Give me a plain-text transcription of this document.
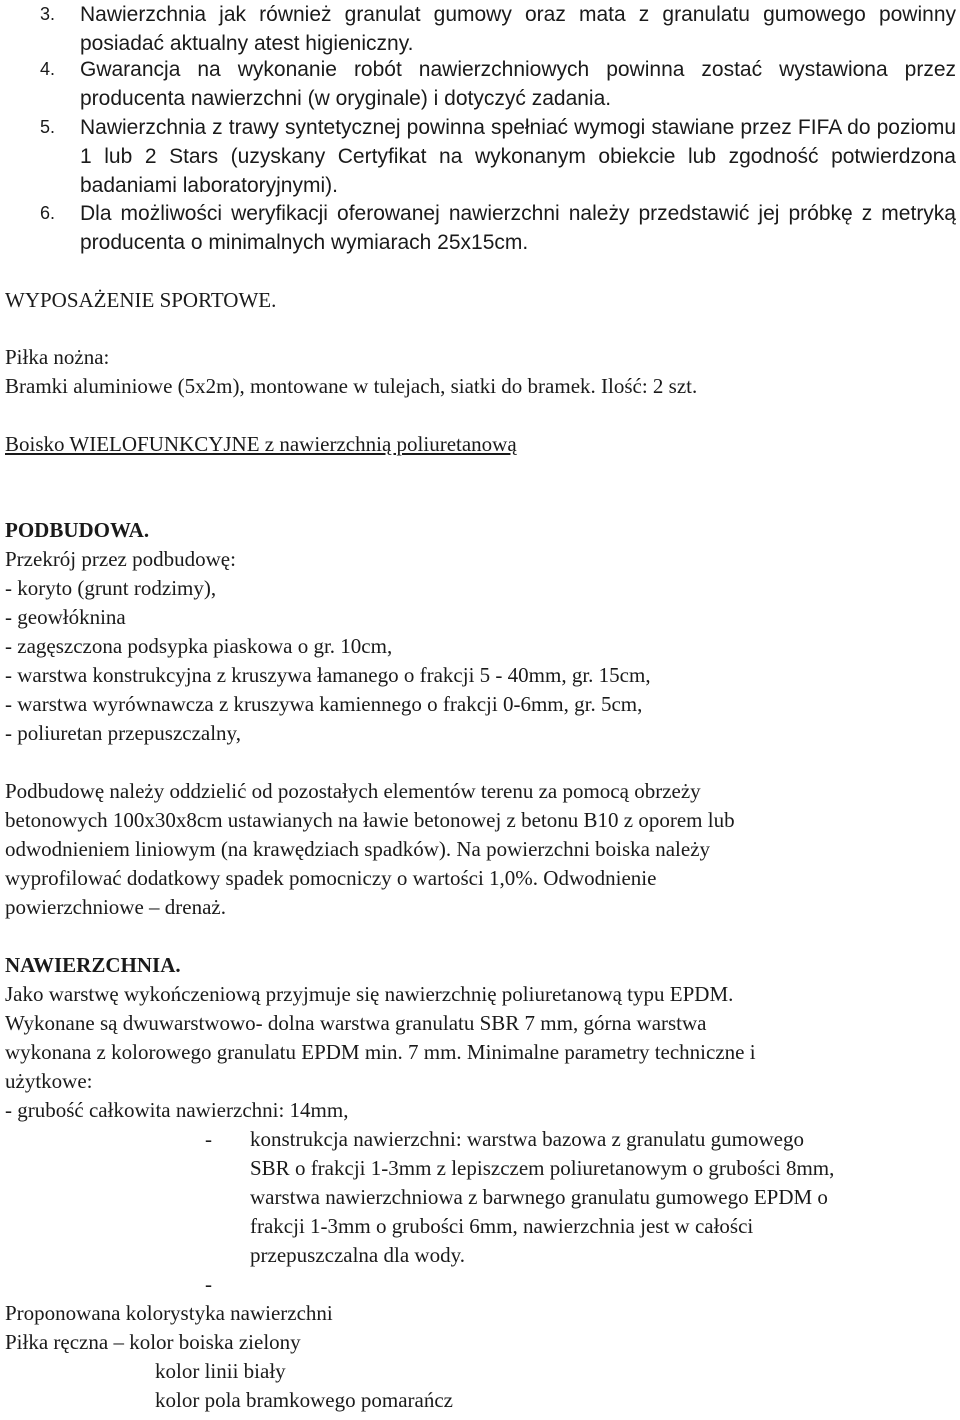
3. Nawierzchnia jak również granulat gumowy oraz mata z granulatu gumowego powinny posiadać aktualny atest higieniczny.
4. Gwarancja na wykonanie robót nawierzchniowych powinna zostać wystawiona przez producenta nawierzchni (w oryginale) i dotyczyć zadania.
5. Nawierzchnia z trawy syntetycznej powinna spełniać wymogi stawiane przez FIFA do poziomu 1 lub 2 Stars (uzyskany Certyfikat na wykonanym obiekcie lub zgodność potwierdzona badaniami laboratoryjnymi).
6. Dla możliwości weryfikacji oferowanej nawierzchni należy przedstawić jej próbkę z metryką producenta o minimalnych wymiarach 25x15cm.
WYPOSAŻENIE SPORTOWE.
Piłka nożna:
Bramki aluminiowe (5x2m), montowane w tulejach, siatki do bramek. Ilość: 2 szt.
Boisko WIELOFUNKCYJNE z nawierzchnią poliuretanową
PODBUDOWA.
Przekrój przez podbudowę:
- koryto (grunt rodzimy),
- geowłóknina
- zagęszczona podsypka piaskowa o gr. 10cm,
- warstwa konstrukcyjna z kruszywa łamanego o frakcji 5 - 40mm, gr. 15cm,
- warstwa wyrównawcza z kruszywa kamiennego o frakcji 0-6mm, gr. 5cm,
- poliuretan przepuszczalny,
Podbudowę należy oddzielić od pozostałych elementów terenu za pomocą obrzeży
betonowych 100x30x8cm ustawianych na ławie betonowej z betonu B10 z oporem lub
odwodnieniem liniowym (na krawędziach spadków). Na powierzchni boiska należy
wyprofilować dodatkowy spadek pomocniczy o wartości 1,0%. Odwodnienie
powierzchniowe – drenaż.
NAWIERZCHNIA.
Jako warstwę wykończeniową przyjmuje się nawierzchnię poliuretanową typu EPDM.
Wykonane są dwuwarstwowo- dolna warstwa granulatu SBR 7 mm, górna warstwa
wykonana z kolorowego granulatu EPDM min. 7 mm. Minimalne parametry techniczne i
użytkowe:
- grubość całkowita nawierzchni: 14mm,
- konstrukcja nawierzchni: warstwa bazowa z granulatu gumowego
SBR o frakcji 1-3mm z lepiszczem poliuretanowym o grubości 8mm,
warstwa nawierzchniowa z barwnego granulatu gumowego EPDM o
frakcji 1-3mm o grubości 6mm, nawierzchnia jest w całości
przepuszczalna dla wody.
-
Proponowana kolorystyka nawierzchni
Piłka ręczna – kolor boiska zielony
kolor linii biały
kolor pola bramkowego pomarańcz
